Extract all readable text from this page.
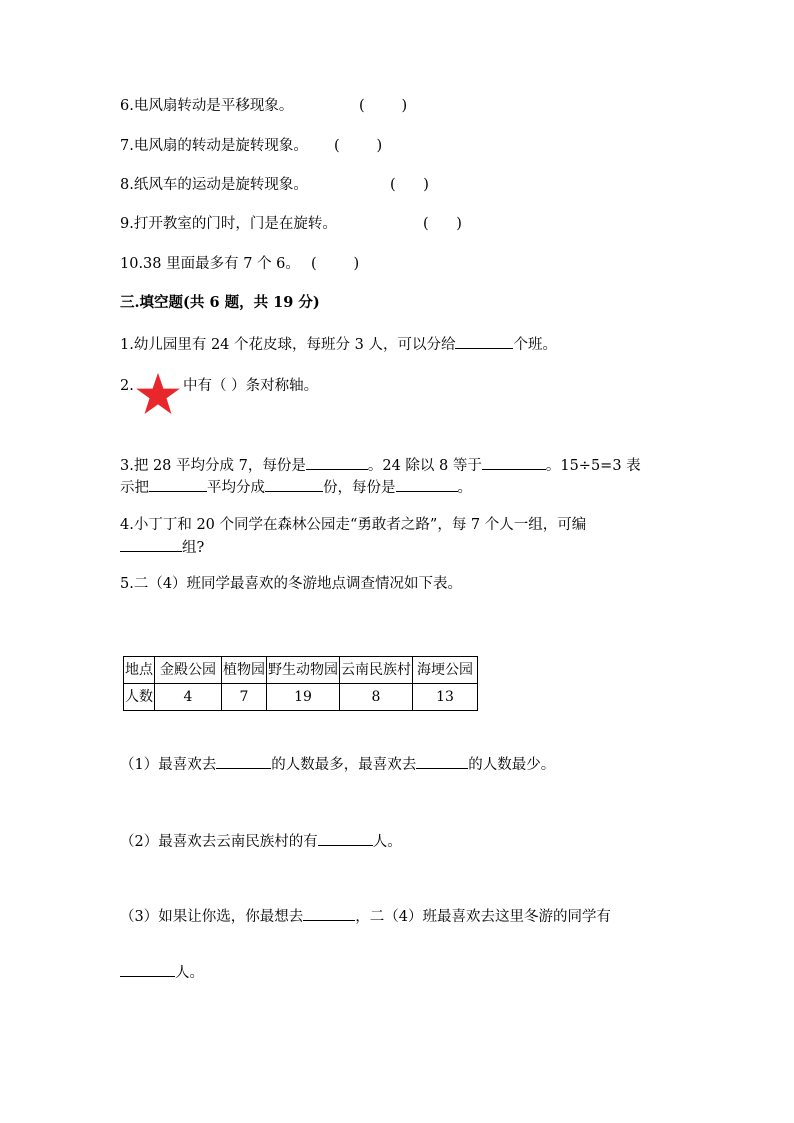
6.电风扇转动是平移现象。	(        )
7.电风扇的转动是旋转现象。 (        )
8.纸风车的运动是旋转现象。	(      )
9.打开教室的门时，门是在旋转。	(      )
10.38 里面最多有 7 个 6。 (        )
三.填空题(共 6 题，共 19 分)
1.幼儿园里有 24 个花皮球，每班分 3 人，可以分给	个班。
2.	中有（ ）条对称轴。
3.把 28 平均分成 7，每份是	。24 除以 8 等于	。15÷5=3 表
示把	平均分成	份，每份是	。
4.小丁丁和 20 个同学在森林公园走“勇敢者之路”，每 7 个人一组，可编
组?
5.二（4）班同学最喜欢的冬游地点调查情况如下表。
地点	金殿公园	植物园	野生动物园	云南民族村	海埂公园
人数	4	7	19	8	13
（1）最喜欢去	的人数最多，最喜欢去	的人数最少。
（2）最喜欢去云南民族村的有	人。
（3）如果让你选，你最想去	，二（4）班最喜欢去这里冬游的同学有
人。
